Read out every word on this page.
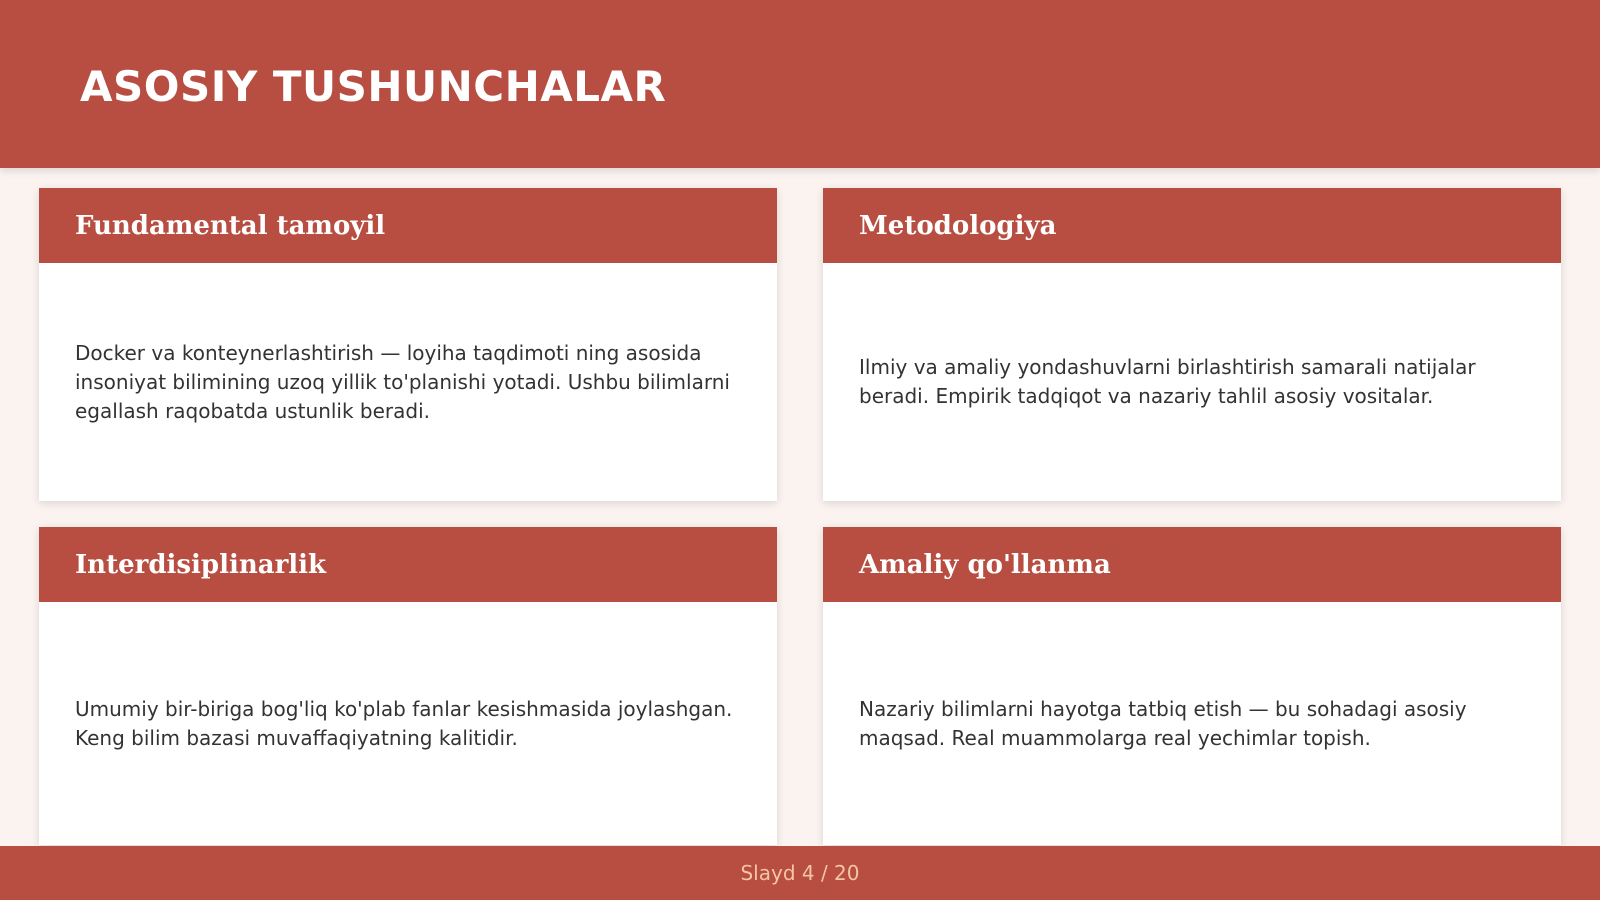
ASOSIY TUSHUNCHALAR
Fundamental tamoyil

Docker va konteynerlashtirish — loyiha taqdimoti ning asosida insoniyat bilimining uzoq yillik to'planishi yotadi. Ushbu bilimlarni egallash raqobatda ustunlik beradi.

Metodologiya

Ilmiy va amaliy yondashuvlarni birlashtirish samarali natijalar beradi. Empirik tadqiqot va nazariy tahlil asosiy vositalar.

Interdisiplinarlik

Umumiy bir-biriga bog'liq ko'plab fanlar kesishmasida joylashgan. Keng bilim bazasi muvaffaqiyatning kalitidir.

Amaliy qo'llanma

Nazariy bilimlarni hayotga tatbiq etish — bu sohadagi asosiy maqsad. Real muammolarga real yechimlar topish.

Slayd 4 / 20
